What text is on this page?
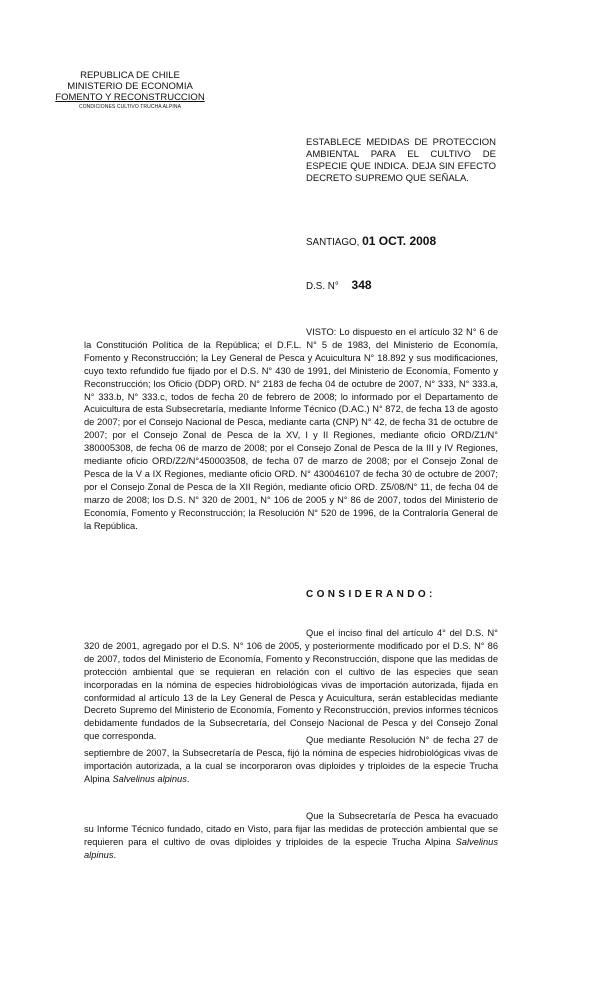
REPUBLICA DE CHILE
MINISTERIO DE ECONOMIA
FOMENTO Y RECONSTRUCCION
CONDICIONES CULTIVO TRUCHA ALPINA
ESTABLECE MEDIDAS DE PROTECCION AMBIENTAL PARA EL CULTIVO DE ESPECIE QUE INDICA. DEJA SIN EFECTO DECRETO SUPREMO QUE SEÑALA.
SANTIAGO, 01 OCT. 2008
D.S. N° 348
VISTO: Lo dispuesto en el artículo 32 N° 6 de la Constitución Política de la República; el D.F.L. N° 5 de 1983, del Ministerio de Economía, Fomento y Reconstrucción; la Ley General de Pesca y Acuicultura N° 18.892 y sus modificaciones, cuyo texto refundido fue fijado por el D.S. N° 430 de 1991, del Ministerio de Economía, Fomento y Reconstrucción; los Oficio (DDP) ORD. N° 2183 de fecha 04 de octubre de 2007, N° 333, N° 333.a, N° 333.b, N° 333.c, todos de fecha 20 de febrero de 2008; lo informado por el Departamento de Acuicultura de esta Subsecretaría, mediante Informe Técnico (D.AC.) N° 872, de fecha 13 de agosto de 2007; por el Consejo Nacional de Pesca, mediante carta (CNP) N° 42, de fecha 31 de octubre de 2007; por el Consejo Zonal de Pesca de la XV, I y II Regiones, mediante oficio ORD/Z1/N° 380005308, de fecha 06 de marzo de 2008; por el Consejo Zonal de Pesca de la III y IV Regiones, mediante oficio ORD/Z2/N°450003508, de fecha 07 de marzo de 2008; por el Consejo Zonal de Pesca de la V a IX Regiones, mediante oficio ORD. N° 430046107 de fecha 30 de octubre de 2007; por el Consejo Zonal de Pesca de la XII Región, mediante oficio ORD. Z5/08/N° 11, de fecha 04 de marzo de 2008; los D.S. N° 320 de 2001, N° 106 de 2005 y N° 86 de 2007, todos del Ministerio de Economía, Fomento y Reconstrucción; la Resolución N° 520 de 1996, de la Contraloría General de la República.
CONSIDERANDO:
Que el inciso final del artículo 4° del D.S. N° 320 de 2001, agregado por el D.S. N° 106 de 2005, y posteriormente modificado por el D.S. N° 86 de 2007, todos del Ministerio de Economía, Fomento y Reconstrucción, dispone que las medidas de protección ambiental que se requieran en relación con el cultivo de las especies que sean incorporadas en la nómina de especies hidrobiológicas vivas de importación autorizada, fijada en conformidad al artículo 13 de la Ley General de Pesca y Acuicultura, serán establecidas mediante Decreto Supremo del Ministerio de Economía, Fomento y Reconstrucción, previos informes técnicos debidamente fundados de la Subsecretaría, del Consejo Nacional de Pesca y del Consejo Zonal que corresponda.	Que mediante Resolución N° de fecha 27 de septiembre de 2007, la Subsecretaría de Pesca, fijó la nómina de especies hidrobiológicas vivas de importación autorizada, a la cual se incorporaron ovas diploides y triploides de la especie Trucha Alpina Salvelinus alpinus.
Que la Subsecretaría de Pesca ha evacuado su Informe Técnico fundado, citado en Visto, para fijar las medidas de protección ambiental que se requieren para el cultivo de ovas diploides y triploides de la especie Trucha Alpina Salvelinus alpinus.
